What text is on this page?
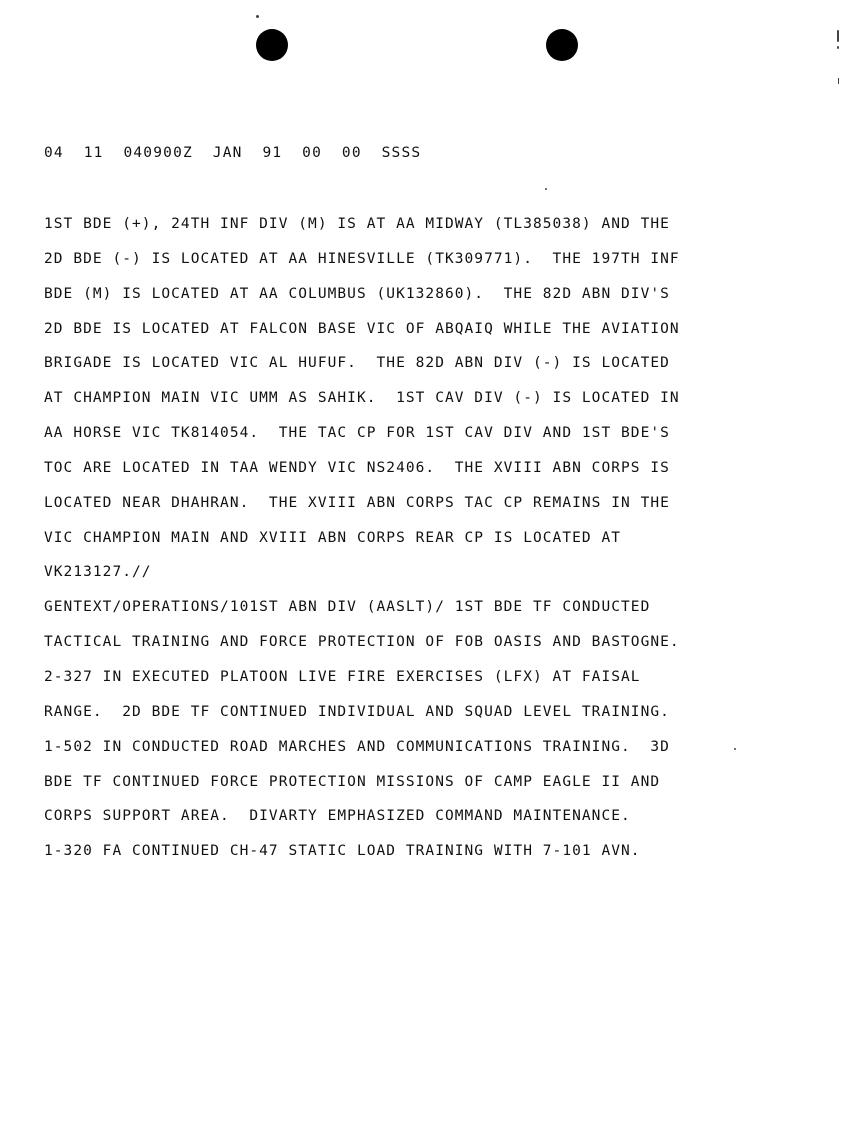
04  11  040900Z  JAN  91  00  00  SSSS
1ST BDE (+), 24TH INF DIV (M) IS AT AA MIDWAY (TL385038) AND THE
2D BDE (-) IS LOCATED AT AA HINESVILLE (TK309771).  THE 197TH INF
BDE (M) IS LOCATED AT AA COLUMBUS (UK132860).  THE 82D ABN DIV'S
2D BDE IS LOCATED AT FALCON BASE VIC OF ABQAIQ WHILE THE AVIATION
BRIGADE IS LOCATED VIC AL HUFUF.  THE 82D ABN DIV (-) IS LOCATED
AT CHAMPION MAIN VIC UMM AS SAHIK.  1ST CAV DIV (-) IS LOCATED IN
AA HORSE VIC TK814054.  THE TAC CP FOR 1ST CAV DIV AND 1ST BDE'S
TOC ARE LOCATED IN TAA WENDY VIC NS2406.  THE XVIII ABN CORPS IS
LOCATED NEAR DHAHRAN.  THE XVIII ABN CORPS TAC CP REMAINS IN THE
VIC CHAMPION MAIN AND XVIII ABN CORPS REAR CP IS LOCATED AT
VK213127.//
GENTEXT/OPERATIONS/101ST ABN DIV (AASLT)/ 1ST BDE TF CONDUCTED
TACTICAL TRAINING AND FORCE PROTECTION OF FOB OASIS AND BASTOGNE.
2-327 IN EXECUTED PLATOON LIVE FIRE EXERCISES (LFX) AT FAISAL
RANGE.  2D BDE TF CONTINUED INDIVIDUAL AND SQUAD LEVEL TRAINING.
1-502 IN CONDUCTED ROAD MARCHES AND COMMUNICATIONS TRAINING.  3D
BDE TF CONTINUED FORCE PROTECTION MISSIONS OF CAMP EAGLE II AND
CORPS SUPPORT AREA.  DIVARTY EMPHASIZED COMMAND MAINTENANCE.
1-320 FA CONTINUED CH-47 STATIC LOAD TRAINING WITH 7-101 AVN.
